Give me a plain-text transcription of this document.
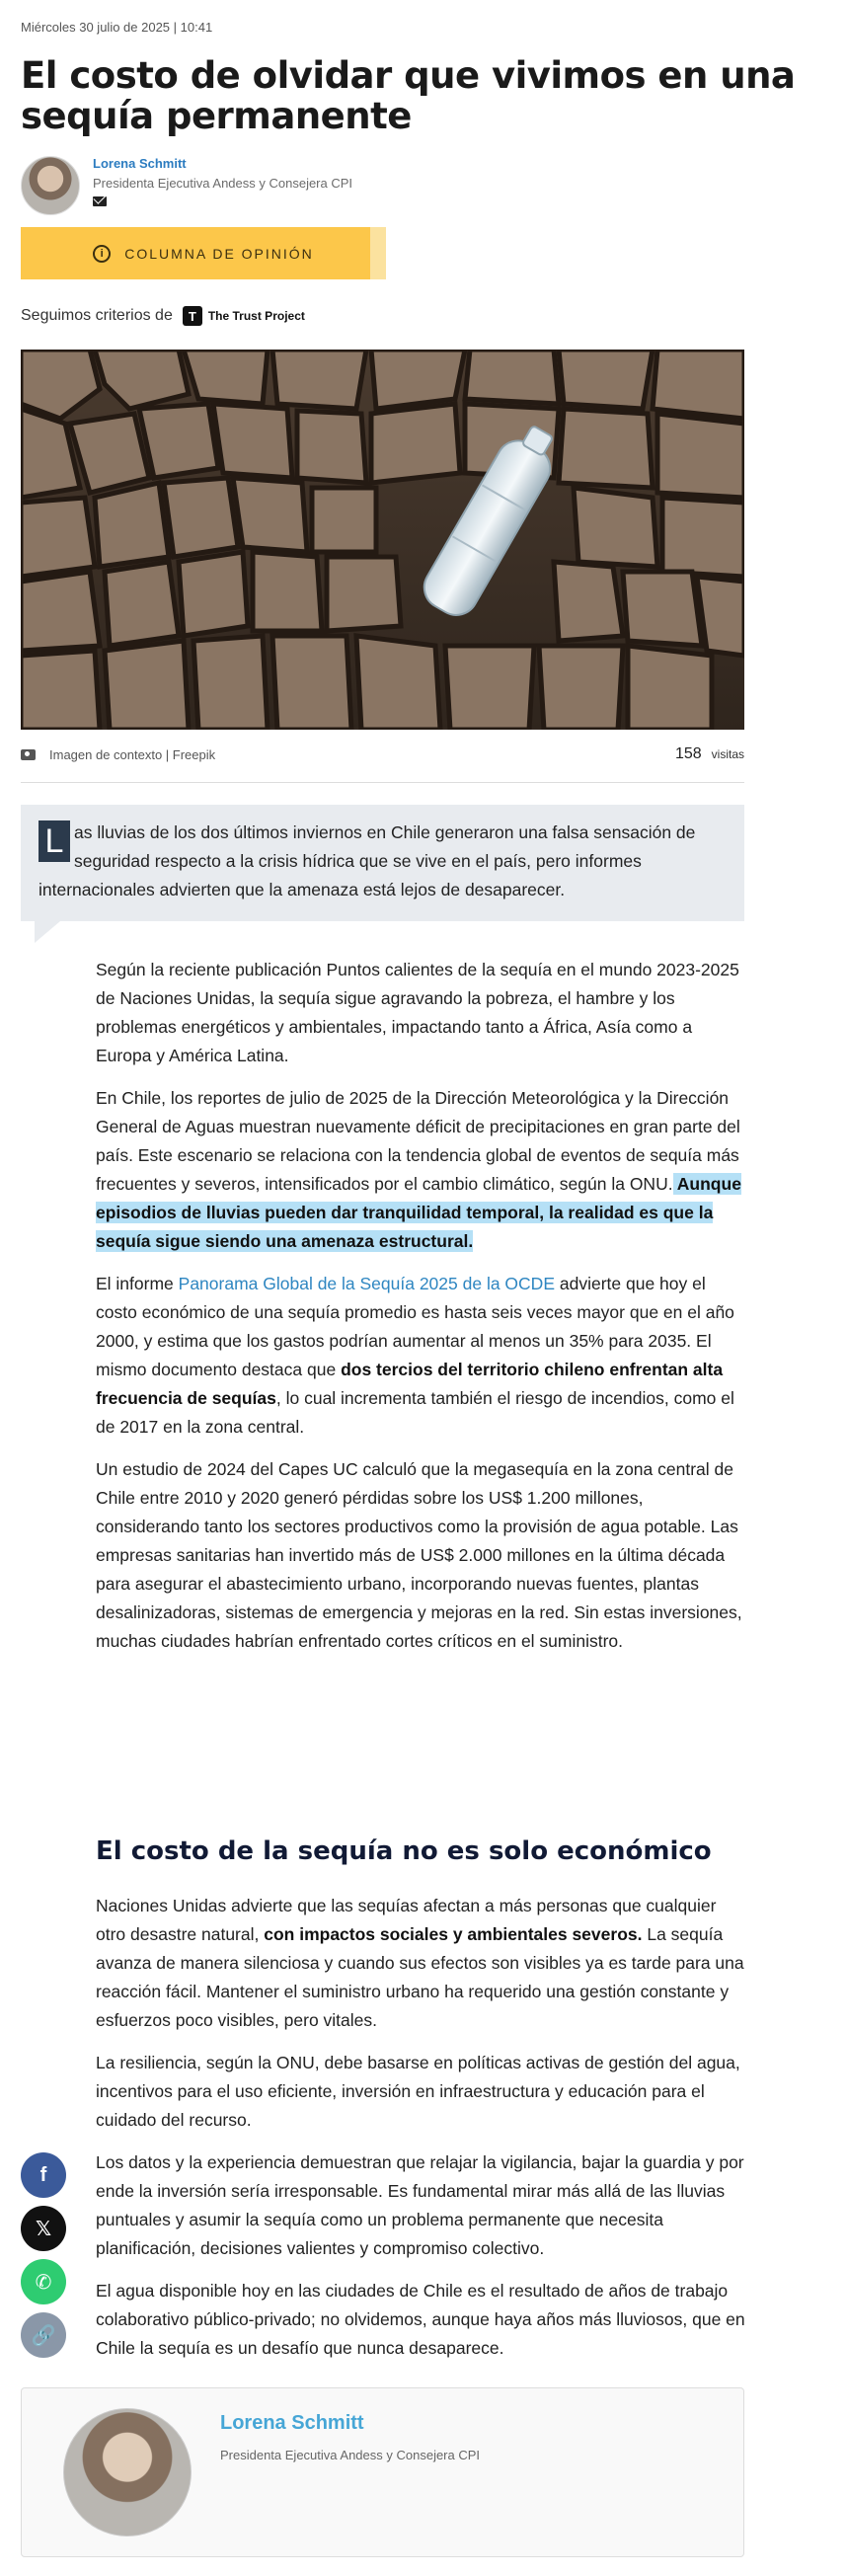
Miércoles 30 julio de 2025 | 10:41
El costo de olvidar que vivimos en una sequía permanente
Lorena Schmitt
Presidenta Ejecutiva Andess y Consejera CPI
i	COLUMNA DE OPINIÓN
Seguimos criterios de	T	The Trust Project
Imagen de contexto | Freepik	158 visitas
L as lluvias de los dos últimos inviernos en Chile generaron una falsa sensación de seguridad respecto a la crisis hídrica que se vive en el país, pero informes internacionales advierten que la amenaza está lejos de desaparecer.

Según la reciente publicación Puntos calientes de la sequía en el mundo 2023-2025 de Naciones Unidas, la sequía sigue agravando la pobreza, el hambre y los problemas energéticos y ambientales, impactando tanto a África, Asía como a Europa y América Latina.

En Chile, los reportes de julio de 2025 de la Dirección Meteorológica y la Dirección General de Aguas muestran nuevamente déficit de precipitaciones en gran parte del país. Este escenario se relaciona con la tendencia global de eventos de sequía más frecuentes y severos, intensificados por el cambio climático, según la ONU. Aunque episodios de lluvias pueden dar tranquilidad temporal, la realidad es que la sequía sigue siendo una amenaza estructural.

El informe Panorama Global de la Sequía 2025 de la OCDE advierte que hoy el costo económico de una sequía promedio es hasta seis veces mayor que en el año 2000, y estima que los gastos podrían aumentar al menos un 35% para 2035. El mismo documento destaca que dos tercios del territorio chileno enfrentan alta frecuencia de sequías, lo cual incrementa también el riesgo de incendios, como el de 2017 en la zona central.

Un estudio de 2024 del Capes UC calculó que la megasequía en la zona central de Chile entre 2010 y 2020 generó pérdidas sobre los US$ 1.200 millones, considerando tanto los sectores productivos como la provisión de agua potable. Las empresas sanitarias han invertido más de US$ 2.000 millones en la última década para asegurar el abastecimiento urbano, incorporando nuevas fuentes, plantas desalinizadoras, sistemas de emergencia y mejoras en la red. Sin estas inversiones, muchas ciudades habrían enfrentado cortes críticos en el suministro.

El costo de la sequía no es solo económico

Naciones Unidas advierte que las sequías afectan a más personas que cualquier otro desastre natural, con impactos sociales y ambientales severos. La sequía avanza de manera silenciosa y cuando sus efectos son visibles ya es tarde para una reacción fácil. Mantener el suministro urbano ha requerido una gestión constante y esfuerzos poco visibles, pero vitales.

La resiliencia, según la ONU, debe basarse en políticas activas de gestión del agua, incentivos para el uso eficiente, inversión en infraestructura y educación para el cuidado del recurso.

Los datos y la experiencia demuestran que relajar la vigilancia, bajar la guardia y por ende la inversión sería irresponsable. Es fundamental mirar más allá de las lluvias puntuales y asumir la sequía como un problema permanente que necesita planificación, decisiones valientes y compromiso colectivo.

El agua disponible hoy en las ciudades de Chile es el resultado de años de trabajo colaborativo público-privado; no olvidemos, aunque haya años más lluviosos, que en Chile la sequía es un desafío que nunca desaparece.

f
𝕏
✆
🔗
Lorena Schmitt
Presidenta Ejecutiva Andess y Consejera CPI
